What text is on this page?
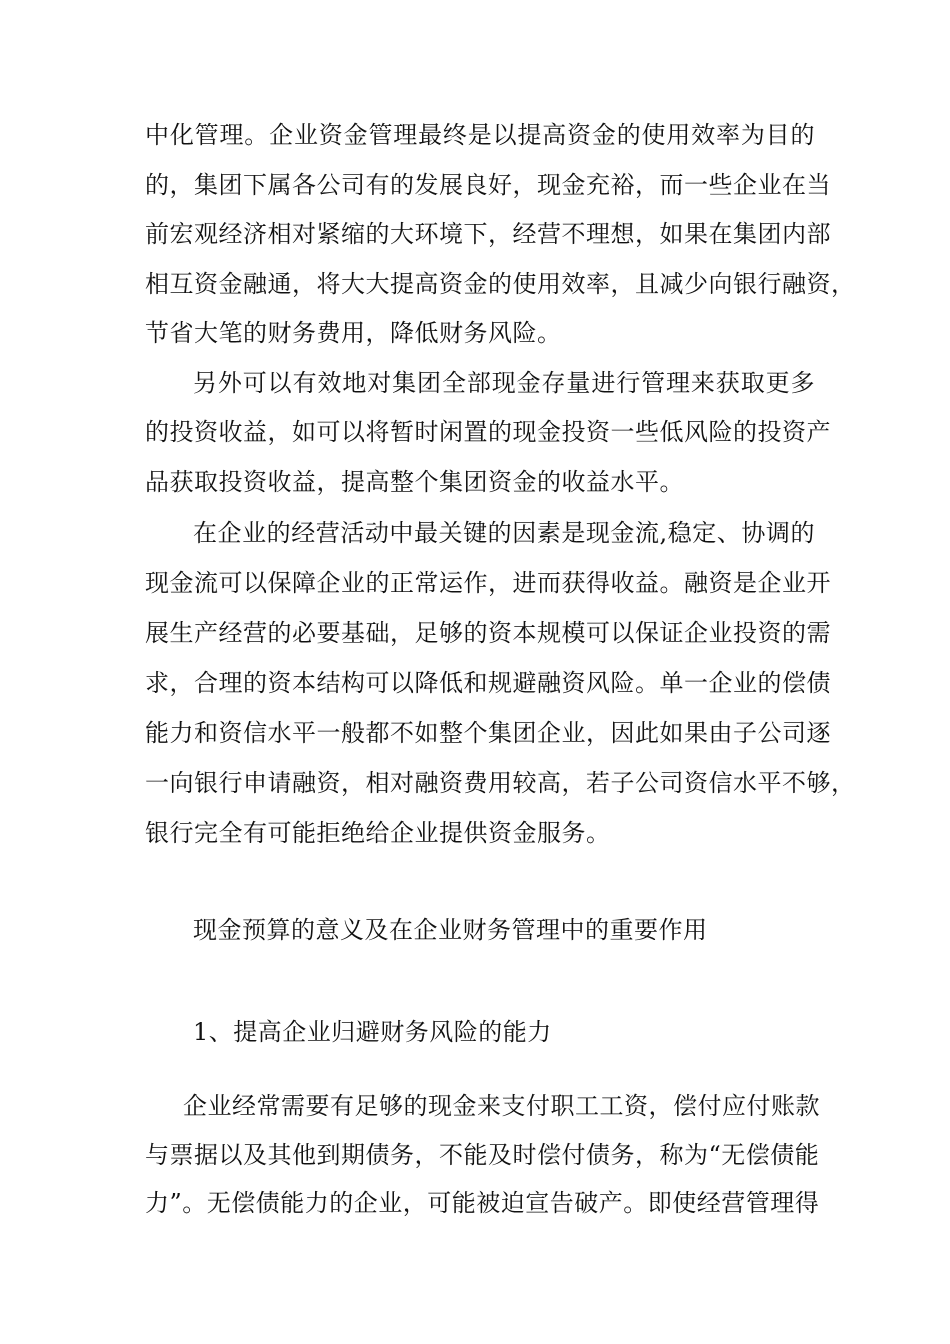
中化管理。企业资金管理最终是以提高资金的使用效率为目的
的，集团下属各公司有的发展良好，现金充裕，而一些企业在当
前宏观经济相对紧缩的大环境下，经营不理想，如果在集团内部
相互资金融通，将大大提高资金的使用效率，且减少向银行融资，
节省大笔的财务费用，降低财务风险。
另外可以有效地对集团全部现金存量进行管理来获取更多
的投资收益，如可以将暂时闲置的现金投资一些低风险的投资产
品获取投资收益，提高整个集团资金的收益水平。
在企业的经营活动中最关键的因素是现金流,稳定、协调的
现金流可以保障企业的正常运作，进而获得收益。融资是企业开
展生产经营的必要基础，足够的资本规模可以保证企业投资的需
求，合理的资本结构可以降低和规避融资风险。单一企业的偿债
能力和资信水平一般都不如整个集团企业，因此如果由子公司逐
一向银行申请融资，相对融资费用较高，若子公司资信水平不够，
银行完全有可能拒绝给企业提供资金服务。
现金预算的意义及在企业财务管理中的重要作用
1、提高企业归避财务风险的能力
企业经常需要有足够的现金来支付职工工资，偿付应付账款
与票据以及其他到期债务，不能及时偿付债务，称为“无偿债能
力”。无偿债能力的企业，可能被迫宣告破产。即使经营管理得
